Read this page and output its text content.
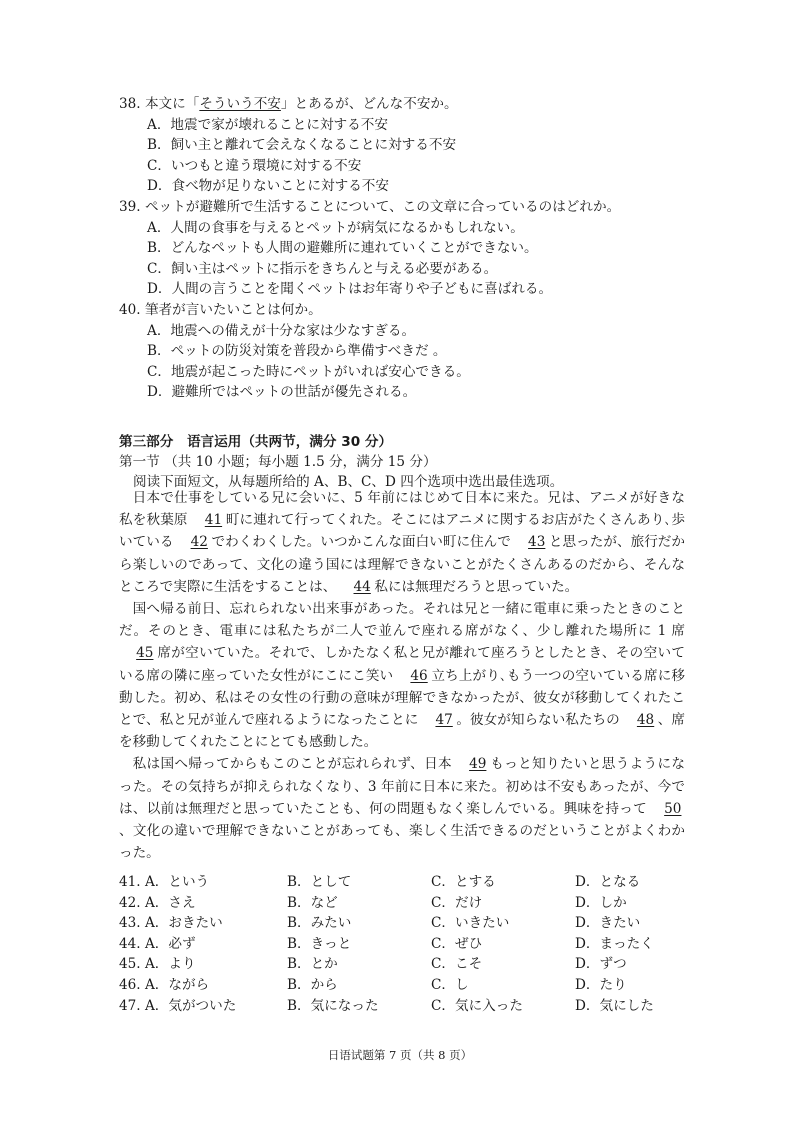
38. 本文に「そういう不安」とあるが、どんな不安か。
A．地震で家が壊れることに対する不安
B．飼い主と離れて会えなくなることに対する不安
C．いつもと違う環境に対する不安
D．食べ物が足りないことに対する不安
39. ペットが避難所で生活することについて、この文章に合っているのはどれか。
A．人間の食事を与えるとペットが病気になるかもしれない。
B．どんなペットも人間の避難所に連れていくことができない。
C．飼い主はペットに指示をきちんと与える必要がある。
D．人間の言うことを聞くペットはお年寄りや子どもに喜ばれる。
40. 筆者が言いたいことは何か。
A．地震への備えが十分な家は少なすぎる。
B．ペットの防災対策を普段から準備すべきだ 。
C．地震が起こった時にペットがいれば安心できる。
D．避難所ではペットの世話が優先される。
第三部分　语言运用（共两节，满分 30 分）
第一节 （共 10 小题；每小题 1.5 分，满分 15 分）
阅读下面短文，从每题所给的 A、B、C、D 四个选项中选出最佳选项。

日本で仕事をしている兄に会いに、5 年前にはじめて日本に来た。兄は、アニメが好きな私を秋葉原 41 町に連れて行ってくれた。そこにはアニメに関するお店がたくさんあり､歩いている 42 でわくわくした。いつかこんな面白い町に住んで 43 と思ったが、旅行だから楽しいのであって、文化の違う国には理解できないことがたくさんあるのだから、そんなところで実際に生活をすることは、 44 私には無理だろうと思っていた。

国へ帰る前日、忘れられない出来事があった。それは兄と一緒に電車に乗ったときのことだ。そのとき、電車には私たちが二人で並んで座れる席がなく、少し離れた場所に 1 席45 席が空いていた。それで、しかたなく私と兄が離れて座ろうとしたとき、その空いている席の隣に座っていた女性がにこにこ笑い 46 立ち上がり､もう一つの空いている席に移動した。初め、私はその女性の行動の意味が理解できなかったが、彼女が移動してくれたことで、私と兄が並んで座れるようになったことに 47 。彼女が知らない私たちの 48 、席を移動してくれたことにとても感動した。

私は国へ帰ってからもこのことが忘れられず、日本 49 もっと知りたいと思うようになった。その気持ちが抑えられなくなり、3 年前に日本に来た。初めは不安もあったが、今では、以前は無理だと思っていたことも、何の問題もなく楽しんでいる。興味を持って 50、文化の違いで理解できないことがあっても、楽しく生活できるのだということがよくわかった。

41. A．という	B．として	C．とする	D．となる
42. A．さえ	B．など	C．だけ	D．しか
43. A．おきたい	B．みたい	C．いきたい	D．きたい
44. A．必ず	B．きっと	C．ぜひ	D．まったく
45. A．より	B．とか	C．こそ	D．ずつ
46. A．ながら	B．から	C．し	D．たり
47. A．気がついた	B．気になった	C．気に入った	D．気にした
日语试题第 7 页（共 8 页）
